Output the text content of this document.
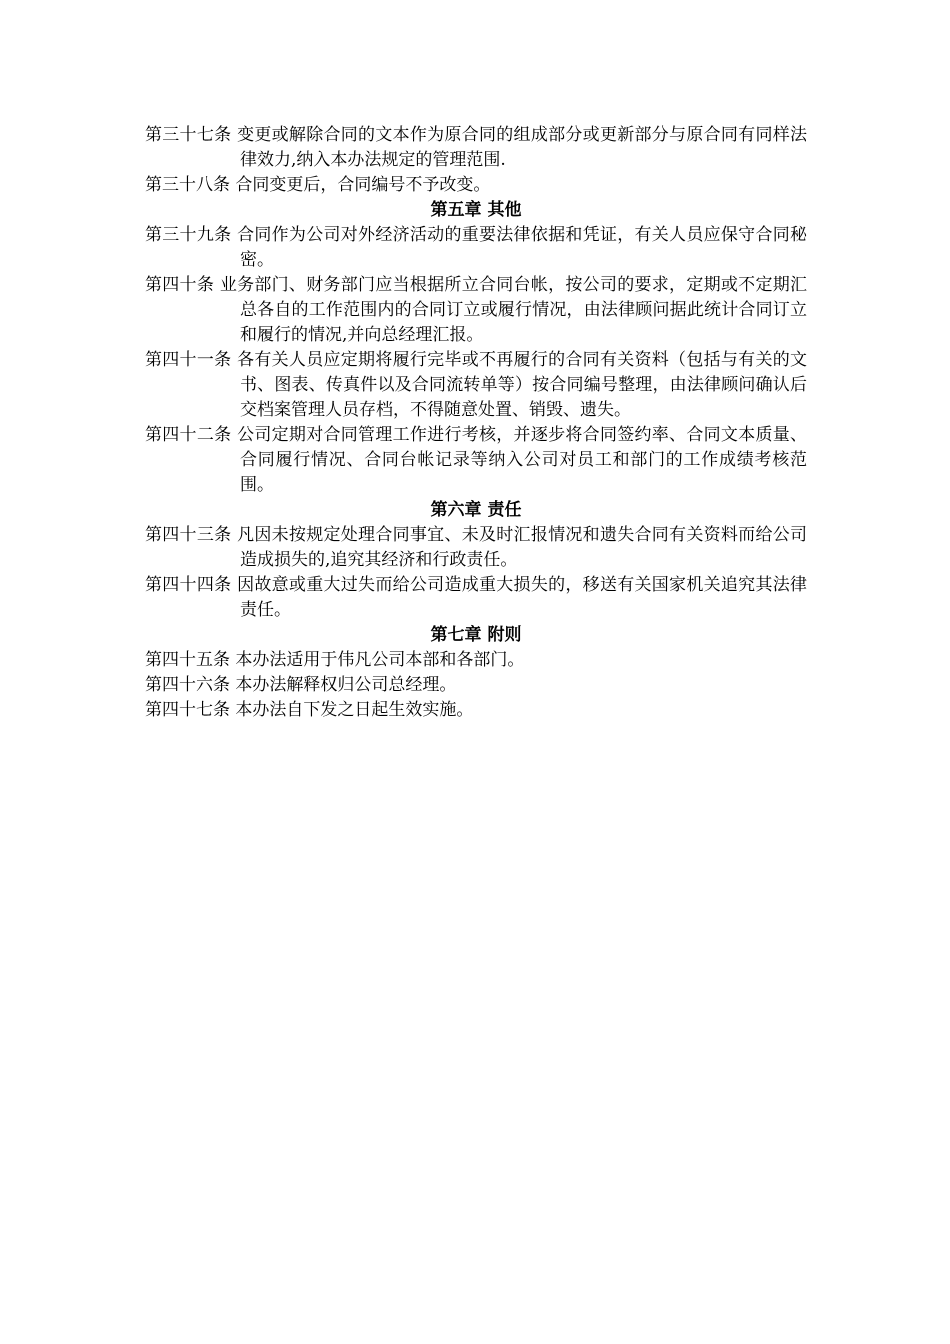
第三十七条 变更或解除合同的文本作为原合同的组成部分或更新部分与原合同有同样法律效力,纳入本办法规定的管理范围.

第三十八条 合同变更后，合同编号不予改变。

第五章 其他

第三十九条 合同作为公司对外经济活动的重要法律依据和凭证，有关人员应保守合同秘密。

第四十条 业务部门、财务部门应当根据所立合同台帐，按公司的要求，定期或不定期汇总各自的工作范围内的合同订立或履行情况，由法律顾问据此统计合同订立和履行的情况,并向总经理汇报。

第四十一条 各有关人员应定期将履行完毕或不再履行的合同有关资料（包括与有关的文书、图表、传真件以及合同流转单等）按合同编号整理，由法律顾问确认后交档案管理人员存档，不得随意处置、销毁、遗失。

第四十二条 公司定期对合同管理工作进行考核，并逐步将合同签约率、合同文本质量、合同履行情况、合同台帐记录等纳入公司对员工和部门的工作成绩考核范围。

第六章 责任

第四十三条 凡因未按规定处理合同事宜、未及时汇报情况和遗失合同有关资料而给公司造成损失的,追究其经济和行政责任。

第四十四条 因故意或重大过失而给公司造成重大损失的，移送有关国家机关追究其法律责任。

第七章 附则

第四十五条 本办法适用于伟凡公司本部和各部门。

第四十六条 本办法解释权归公司总经理。

第四十七条 本办法自下发之日起生效实施。
